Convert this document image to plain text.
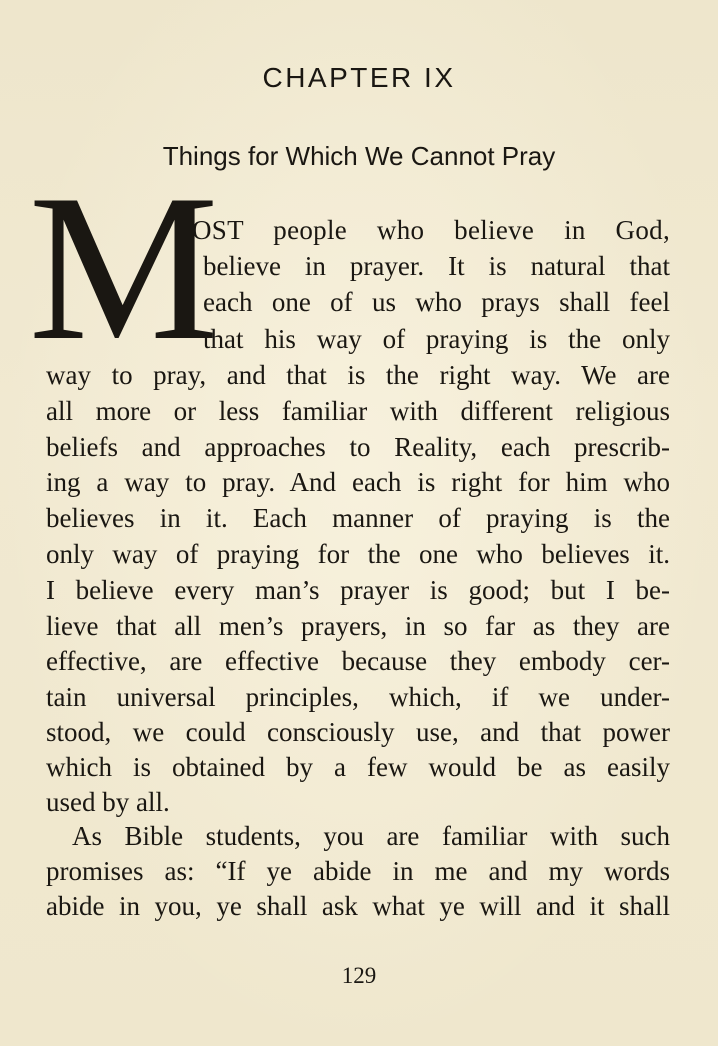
CHAPTER IX
Things for Which We Cannot Pray
M
OST people who believe in God,
believe in prayer. It is natural that
each one of us who prays shall feel
that his way of praying is the only
way to pray, and that is the right way. We are
all more or less familiar with different religious
beliefs and approaches to Reality, each prescrib-
ing a way to pray. And each is right for him who
believes in it. Each manner of praying is the
only way of praying for the one who believes it.
I believe every man’s prayer is good; but I be-
lieve that all men’s prayers, in so far as they are
effective, are effective because they embody cer-
tain universal principles, which, if we under-
stood, we could consciously use, and that power
which is obtained by a few would be as easily
used by all.
As Bible students, you are familiar with such
promises as: “If ye abide in me and my words
abide in you, ye shall ask what ye will and it shall
129
